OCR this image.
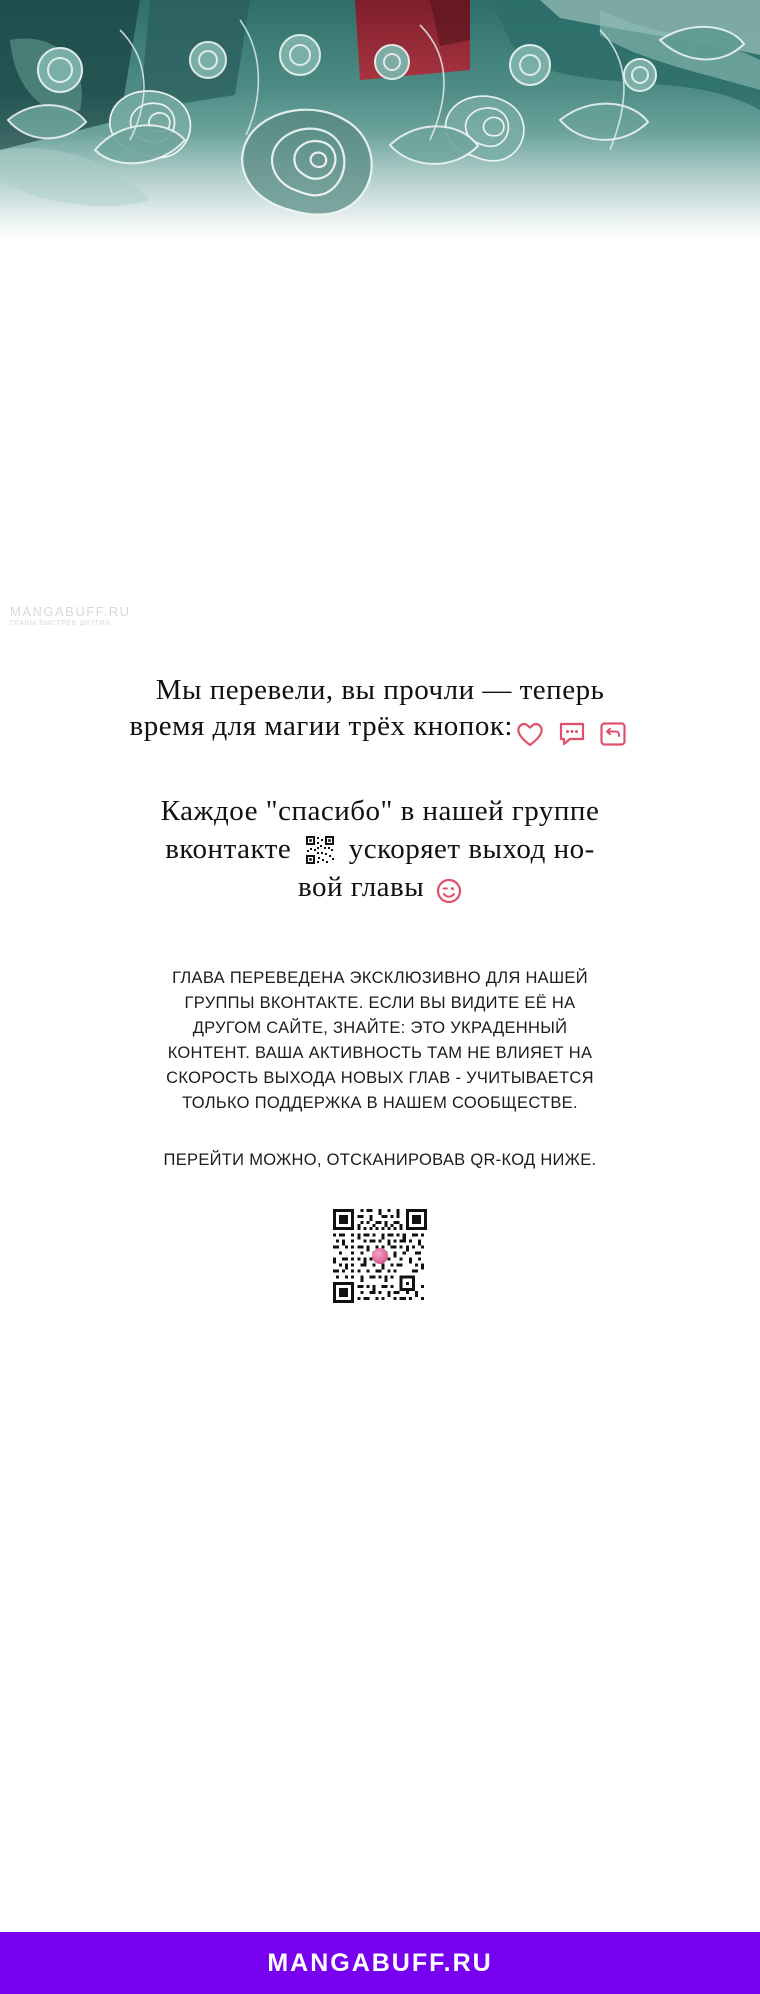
MANGABUFF.RU
ГЛАВЫ БЫСТРЕЕ ДРУГИХ

Мы перевели, вы прочли — теперь
время для магии трёх кнопок:

Каждое "спасибо" в нашей группе
вконтакте ускоряет выход но-
вой главы

ГЛАВА ПЕРЕВЕДЕНА ЭКСКЛЮЗИВНО ДЛЯ НАШЕЙ ГРУППЫ ВКОНТАКТЕ. ЕСЛИ ВЫ ВИДИТЕ ЕЁ НА ДРУГОМ САЙТЕ, ЗНАЙТЕ: ЭТО УКРАДЕННЫЙ КОНТЕНТ. ВАША АКТИВНОСТЬ ТАМ НЕ ВЛИЯЕТ НА СКОРОСТЬ ВЫХОДА НОВЫХ ГЛАВ - УЧИТЫВАЕТСЯ ТОЛЬКО ПОДДЕРЖКА В НАШЕМ СООБЩЕСТВЕ.

ПЕРЕЙТИ МОЖНО, ОТСКАНИРОВАВ QR-КОД НИЖЕ.

MANGABUFF.RU
